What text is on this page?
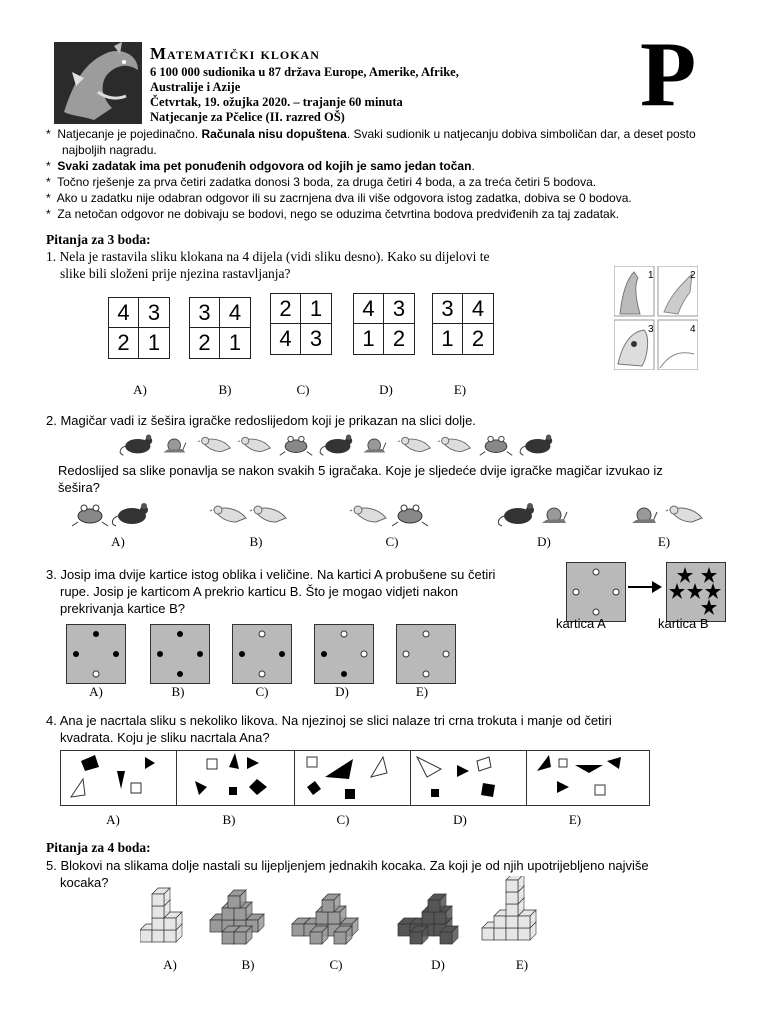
Matematički klokan
6 100 000 sudionika u 87 država Europe, Amerike, Afrike,
Australije i Azije
Četvrtak, 19. ožujka 2020. – trajanje 60 minuta
Natjecanje za Pčelice (II. razred OŠ)	P
*  Natjecanje je pojedinačno. Računala nisu dopuštena. Svaki sudionik u natjecanju dobiva simboličan dar, a deset posto najboljih nagradu.
*  Svaki zadatak ima pet ponuđenih odgovora od kojih je samo jedan točan.
*  Točno rješenje za prva četiri zadatka donosi 3 boda, za druga četiri 4 boda, a za treća četiri 5 bodova.
*  Ako u zadatku nije odabran odgovor ili su zacrnjena dva ili više odgovora istog zadatka, dobiva se 0 bodova.
*  Za netočan odgovor ne dobivaju se bodovi, nego se oduzima četvrtina bodova predviđenih za taj zadatak.
Pitanja za 3 boda:
1. Nela je rastavila sliku klokana na 4 dijela (vidi sliku desno). Kako su dijelovi te
slike bili složeni prije njezina rastavljanja?
4 3
2 1
3 4
2 1
2 1
4 3
4 3
1 2
3 4
1 2
A)	B)	C)	D)	E)
1	2
3	4
2. Magičar vadi iz šešira igračke redoslijedom koji je prikazan na slici dolje.
Redoslijed sa slike ponavlja se nakon svakih 5 igračaka. Koje je sljedeće dvije igračke magičar izvukao iz
šešira?
A)	B)	C)	D)	E)
3. Josip ima dvije kartice istog oblika i veličine. Na kartici A probušene su četiri
rupe. Josip je karticom A prekrio karticu B. Što je mogao vidjeti nakon
prekrivanja kartice B?
kartica A	kartica B
A)	B)	C)	D)	E)
4. Ana je nacrtala sliku s nekoliko likova. Na njezinoj se slici nalaze tri crna trokuta i manje od četiri
kvadrata. Koju je sliku nacrtala Ana?
A)	B)	C)	D)	E)
Pitanja za 4 boda:
5. Blokovi na slikama dolje nastali su lijepljenjem jednakih kocaka. Za koji je od njih upotrijebljeno najviše
kocaka?
A)	B)	C)	D)	E)
